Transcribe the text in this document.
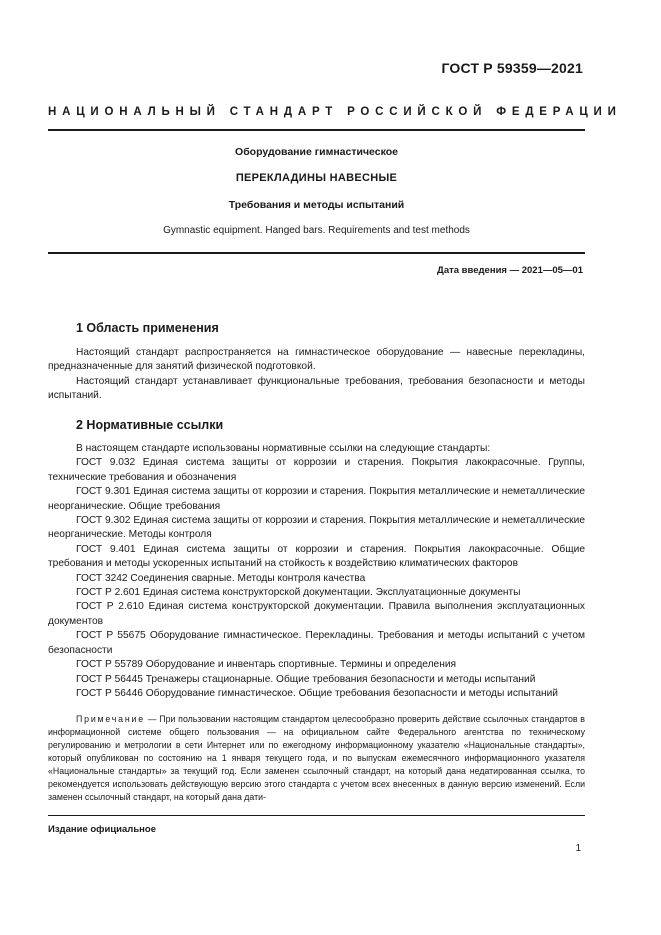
ГОСТ Р 59359—2021
НАЦИОНАЛЬНЫЙ СТАНДАРТ РОССИЙСКОЙ ФЕДЕРАЦИИ
Оборудование гимнастическое
ПЕРЕКЛАДИНЫ НАВЕСНЫЕ
Требования и методы испытаний
Gymnastic equipment. Hanged bars. Requirements and test methods
Дата введения — 2021—05—01
1 Область применения

Настоящий стандарт распространяется на гимнастическое оборудование — навесные перекладины, предназначенные для занятий физической подготовкой.

Настоящий стандарт устанавливает функциональные требования, требования безопасности и методы испытаний.

2 Нормативные ссылки

В настоящем стандарте использованы нормативные ссылки на следующие стандарты:

ГОСТ 9.032 Единая система защиты от коррозии и старения. Покрытия лакокрасочные. Группы, технические требования и обозначения

ГОСТ 9.301 Единая система защиты от коррозии и старения. Покрытия металлические и неметаллические неорганические. Общие требования

ГОСТ 9.302 Единая система защиты от коррозии и старения. Покрытия металлические и неметаллические неорганические. Методы контроля

ГОСТ 9.401 Единая система защиты от коррозии и старения. Покрытия лакокрасочные. Общие требования и методы ускоренных испытаний на стойкость к воздействию климатических факторов

ГОСТ 3242 Соединения сварные. Методы контроля качества

ГОСТ Р 2.601 Единая система конструкторской документации. Эксплуатационные документы

ГОСТ Р 2.610 Единая система конструкторской документации. Правила выполнения эксплуатационных документов

ГОСТ Р 55675 Оборудование гимнастическое. Перекладины. Требования и методы испытаний с учетом безопасности

ГОСТ Р 55789 Оборудование и инвентарь спортивные. Термины и определения

ГОСТ Р 56445 Тренажеры стационарные. Общие требования безопасности и методы испытаний

ГОСТ Р 56446 Оборудование гимнастическое. Общие требования безопасности и методы испытаний

Примечание — При пользовании настоящим стандартом целесообразно проверить действие ссылочных стандартов в информационной системе общего пользования — на официальном сайте Федерального агентства по техническому регулированию и метрологии в сети Интернет или по ежегодному информационному указателю «Национальные стандарты», который опубликован по состоянию на 1 января текущего года, и по выпускам ежемесячного информационного указателя «Национальные стандарты» за текущий год. Если заменен ссылочный стандарт, на который дана недатированная ссылка, то рекомендуется использовать действующую версию этого стандарта с учетом всех внесенных в данную версию изменений. Если заменен ссылочный стандарт, на который дана дати-

Издание официальное
1
